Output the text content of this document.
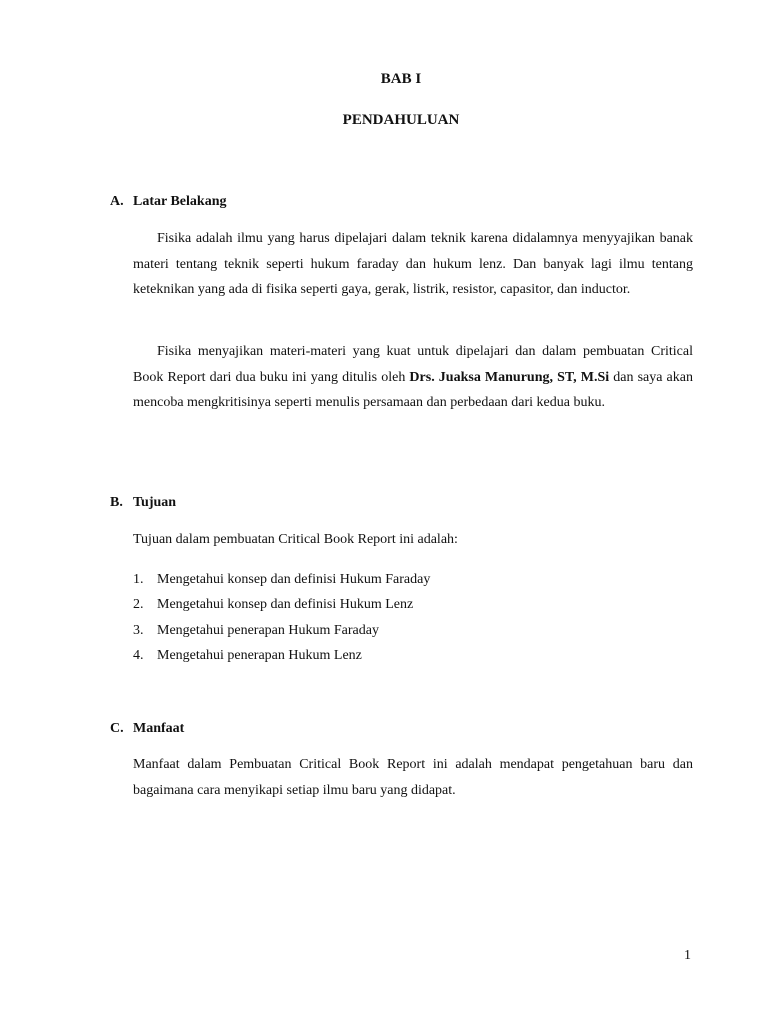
BAB I
PENDAHULUAN
A. Latar Belakang

Fisika adalah ilmu yang harus dipelajari dalam teknik karena didalamnya menyyajikan banak materi tentang teknik seperti hukum faraday dan hukum lenz. Dan banyak lagi ilmu tentang keteknikan yang ada di fisika seperti gaya, gerak, listrik, resistor, capasitor, dan inductor.

Fisika menyajikan materi-materi yang kuat untuk dipelajari dan dalam pembuatan Critical Book Report dari dua buku ini yang ditulis oleh Drs. Juaksa Manurung, ST, M.Si dan saya akan mencoba mengkritisinya seperti menulis persamaan dan perbedaan dari kedua buku.

B. Tujuan

Tujuan dalam pembuatan Critical Book Report ini adalah:

1. Mengetahui konsep dan definisi Hukum Faraday
2. Mengetahui konsep dan definisi Hukum Lenz
3. Mengetahui penerapan Hukum Faraday
4. Mengetahui penerapan Hukum Lenz
C. Manfaat

Manfaat dalam Pembuatan Critical Book Report ini adalah mendapat pengetahuan baru dan bagaimana cara menyikapi setiap ilmu baru yang didapat.

1
